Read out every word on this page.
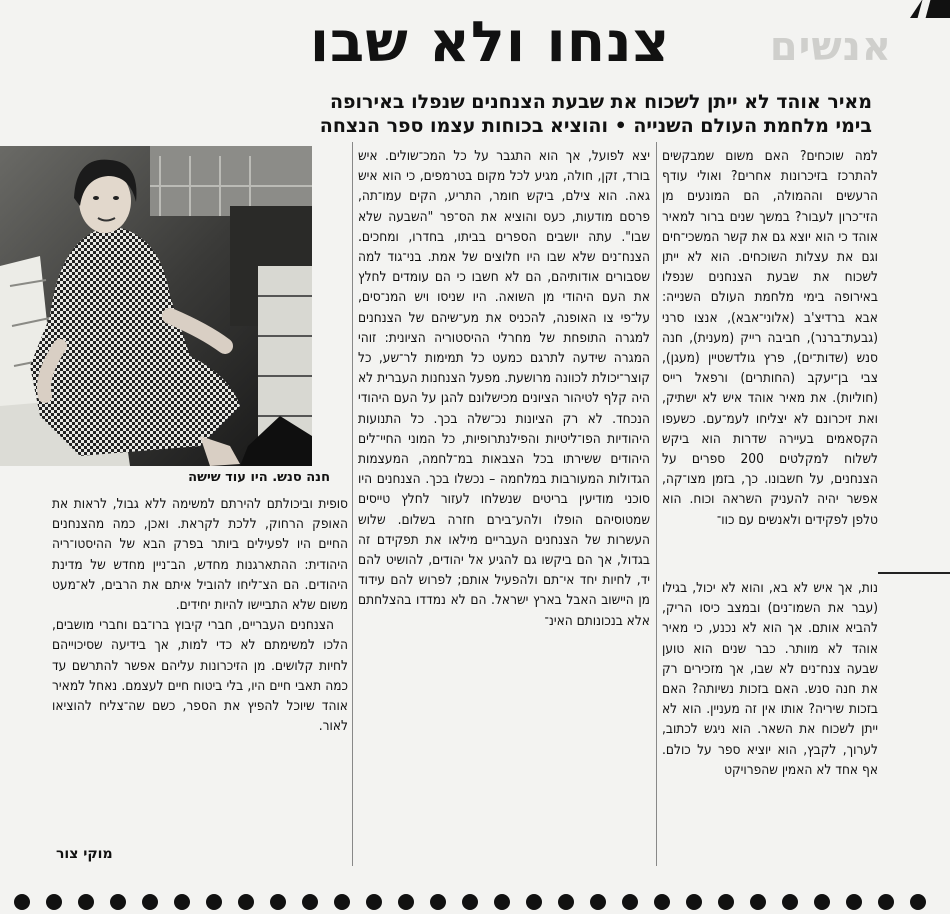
אנשים
צנחו ולא שבו
מאיר אוהד לא ייתן לשכוח את שבעת הצנחנים שנפלו באירופה
בימי מלחמת העולם השנייה • והוציא בכוחות עצמו ספר הנצחה

למה שוכחים? האם משום שמבקשים להתרכז בזיכרונות אחרים? ואולי עודף הרעשים וההמולה, הם המונעים מן הזי־כרון לעבור? במשך שנים ברור למאיר אוהד כי הוא יוצא גם את קשר המשכי־חים וגם את עצלות השוכחים. הוא לא ייתן לשכוח את שבעת הצנחנים שנפלו באירופה בימי מלחמת העולם השנייה: אבא ברדיצ'ב (אלוני־אבא), אנצו סרני (גבעת־ברנר), חביבה רייק (מענית), חנה סנש (שדות־ים), פרץ גולדשטיין (מעגן), צבי בן־יעקב (החותרים) ורפאל רייס (חוליות). את מאיר אוהד איש לא ישתיק, ואת זיכרונם לא יצליחו לעמ־עם. כשעפו הקסאמים בעיירה שדרות הוא ביקש לשלוח למקלטים 200 ספרים על הצנחנים, על חשבונו. כך, בזמן מצו־קה, אפשר יהיה להעניק השראה וכוח. הוא טלפן לפקידים ולאנשים עם כוו־

נות, אך איש לא בא, והוא לא יכול, בגילו (עבר את השמו־נים) ובמצב כיסו הריק, להביא אותם. אך הוא לא נכנע, כי מאיר אוהד לא מוותר. כבר שנים הוא טוען שבעה צנח־נים לא שבו, אך מזכירים רק את חנה סנש. האם בזכות נשיותה? האם בזכות שיריה? אותו אין זה מעניין. הוא לא ייתן לשכוח את השאר. הוא ניגש לכתוב, לערוך, לקבץ, הוא יוציא ספר על כולם. אף אחד לא האמין שהפרויקט

יצא לפועל, אך הוא התגבר על כל המכ־שולים. איש בורד, זקן, חולה, מגיע לכל מקום בטרמפים, כי הוא איש גאה. הוא צילם, ביקש חומר, התריע, הקים עמו־תה, פרסם מודעות, כעס והוציא את הס־פר "השבעה שלא שבו". עתה יושבים הספרים בביתו, בחדרו, ומחכים. הצנח־נים שלא שבו היו חלוצים של אמת. בני־גוד למה שסבורים אודותיהם, הם לא חשבו כי הם עומדים לחלץ את העם היהודי מן השואה. היו שניסו ויש המנ־סים, על־פי צו האופנה, להכניס את מע־שיהם של הצנחנים למגרה התופחת של מחרלי ההיסטוריה הציונית: זוהי המגרה שידעה לתרגם כמעט כל תמימות לר־שע, כל קוצר־יכולת לכוונה מרושעת. מפעל הצנחנות העברית לא היה קלף לטיהור הציונים מכישלונם להגן על העם היהודי הנכחד. לא רק הציונות נכ־שלה בכך. כל התנועות היהודיות הפו־ליטיות והפילנתרופיות, כל המוני החיי־לים היהודים ששירתו בכל הצבאות במ־לחמה, המעצמות הגדולות המעורבות במלחמה – נכשלו בכך. הצנחנים היו סוכני מודיעין בריטים שנשלחו לעזור לחלץ טייסים שמטוסיהם הופלו ולהע־בירם חזרה בשלום. שלוש העשרות של הצנחנים העבריים מילאו את תפקידם זה בגדול, אך הם ביקשו גם להגיע אל יהודים, להושיט להם יד, לחיות יחד אי־תם ולהפעיל אותם; לפרוש להם עידוד מן היישוב האבל בארץ ישראל. הם לא נמדדו בהצלחתם אלא בנכונותם האינ־

חנה סנש. היו עוד שישה

סופית וביכולתם להירתם למשימה ללא גבול, לראות את האופק הרחוק, ללכת לקראת. ואכן, כמה מהצנחנים החיים היו לפעילים ביותר בפרק הבא של ההיסטו־ריה היהודית: ההתארגנות מחדש, הב־ניין מחדש של מדינת היהודים. הם הצ־ליחו להוביל איתם את הרבים, לא־מעט משום שלא התביישו להיות יחידים.

הצנחנים העבריים, חברי קיבוץ ברו־בם וחברי מושבים, הלכו למשימתם לא כדי למות, אך בידיעה שסיכוייהם לחיות קלושים. מן הזיכרונות עליהם אפשר להתרשם עד כמה תאבי חיים היו, בלי ביטוח חיים לעצמם. נאחל למאיר אוהד שיוכל להפיץ את הספר, כשם שה־צליח להוציאו לאור.

מוקי צור
